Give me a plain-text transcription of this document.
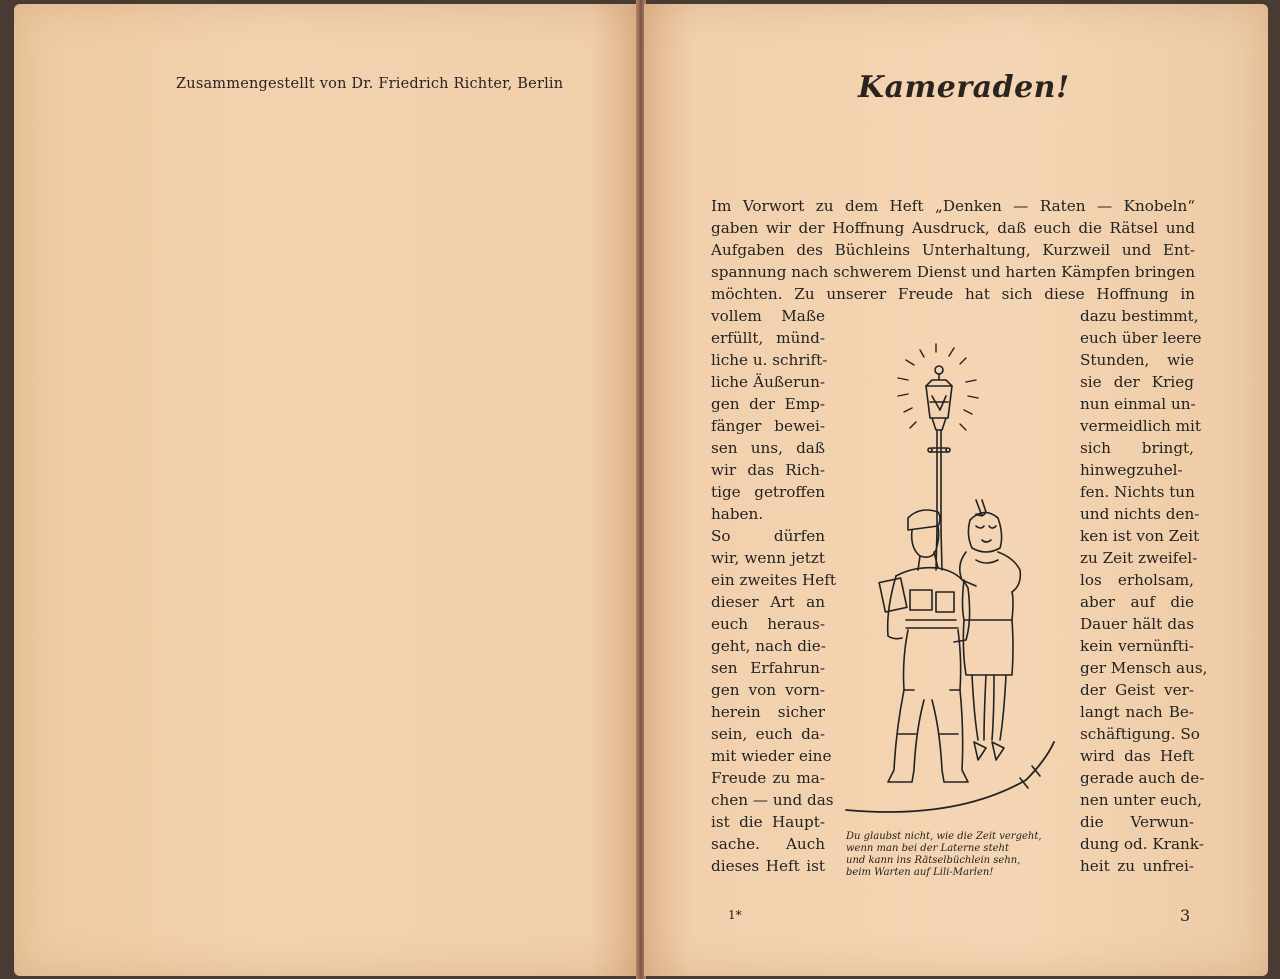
Zusammengestellt von Dr. Friedrich Richter, Berlin	Kameraden!
Im Vorwort zu dem Heft „Denken — Raten — Knobeln“
gaben wir der Hoffnung Ausdruck, daß euch die Rätsel und
Aufgaben des Büchleins Unterhaltung, Kurzweil und Ent-
spannung nach schwerem Dienst und harten Kämpfen bringen
möchten. Zu unserer Freude hat sich diese Hoffnung in
vollem Maße
erfüllt, münd-
liche u. schrift-
liche Äußerun-
gen der Emp-
fänger bewei-
sen uns, daß
wir das Rich-
tige getroffen
haben.
So dürfen
wir, wenn jetzt
ein zweites Heft
dieser Art an
euch heraus-
geht, nach die-
sen Erfahrun-
gen von vorn-
herein sicher
sein, euch da-
mit wieder eine
Freude zu ma-
chen — und das
ist die Haupt-
sache. Auch
dieses Heft ist
dazu bestimmt,
euch über leere
Stunden, wie
sie der Krieg
nun einmal un-
vermeidlich mit
sich bringt,
hinwegzuhel-
fen. Nichts tun
und nichts den-
ken ist von Zeit
zu Zeit zweifel-
los erholsam,
aber auf die
Dauer hält das
kein vernünfti-
ger Mensch aus,
der Geist ver-
langt nach Be-
schäftigung. So
wird das Heft
gerade auch de-
nen unter euch,
die Verwun-
dung od. Krank-
heit zu unfrei-
Du glaubst nicht, wie die Zeit vergeht,
wenn man bei der Laterne steht
und kann ins Rätselbüchlein sehn,
beim Warten auf Lili-Marlen!
1*	3
